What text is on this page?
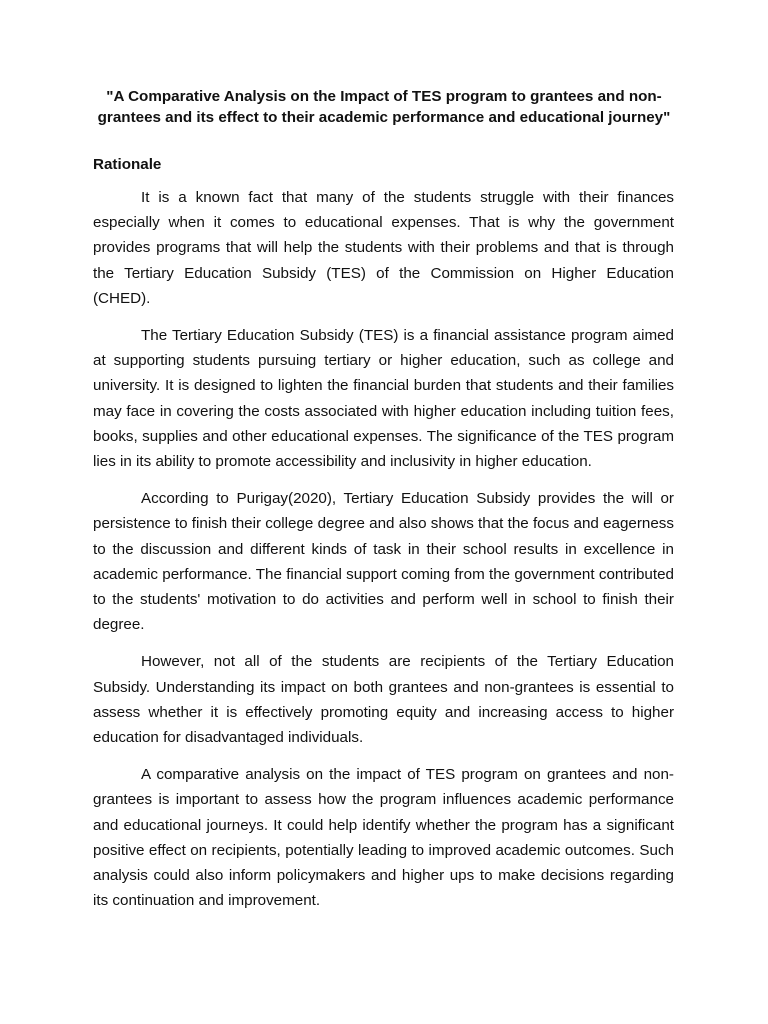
"A Comparative Analysis on the Impact of TES program to grantees and non-grantees and its effect to their academic performance and educational journey"
Rationale

It is a known fact that many of the students struggle with their finances especially when it comes to educational expenses. That is why the government provides programs that will help the students with their problems and that is through the Tertiary Education Subsidy (TES) of the Commission on Higher Education (CHED).

The Tertiary Education Subsidy (TES) is a financial assistance program aimed at supporting students pursuing tertiary or higher education, such as college and university. It is designed to lighten the financial burden that students and their families may face in covering the costs associated with higher education including tuition fees, books, supplies and other educational expenses. The significance of the TES program lies in its ability to promote accessibility and inclusivity in higher education.

According to Purigay(2020), Tertiary Education Subsidy provides the will or persistence to finish their college degree and also shows that the focus and eagerness to the discussion and different kinds of task in their school results in excellence in academic performance. The financial support coming from the government contributed to the students' motivation to do activities and perform well in school to finish their degree.

However, not all of the students are recipients of the Tertiary Education Subsidy. Understanding its impact on both grantees and non-grantees is essential to assess whether it is effectively promoting equity and increasing access to higher education for disadvantaged individuals.

A comparative analysis on the impact of TES program on grantees and non-grantees is important to assess how the program influences academic performance and educational journeys. It could help identify whether the program has a significant positive effect on recipients, potentially leading to improved academic outcomes. Such analysis could also inform policymakers and higher ups to make decisions regarding its continuation and improvement.
